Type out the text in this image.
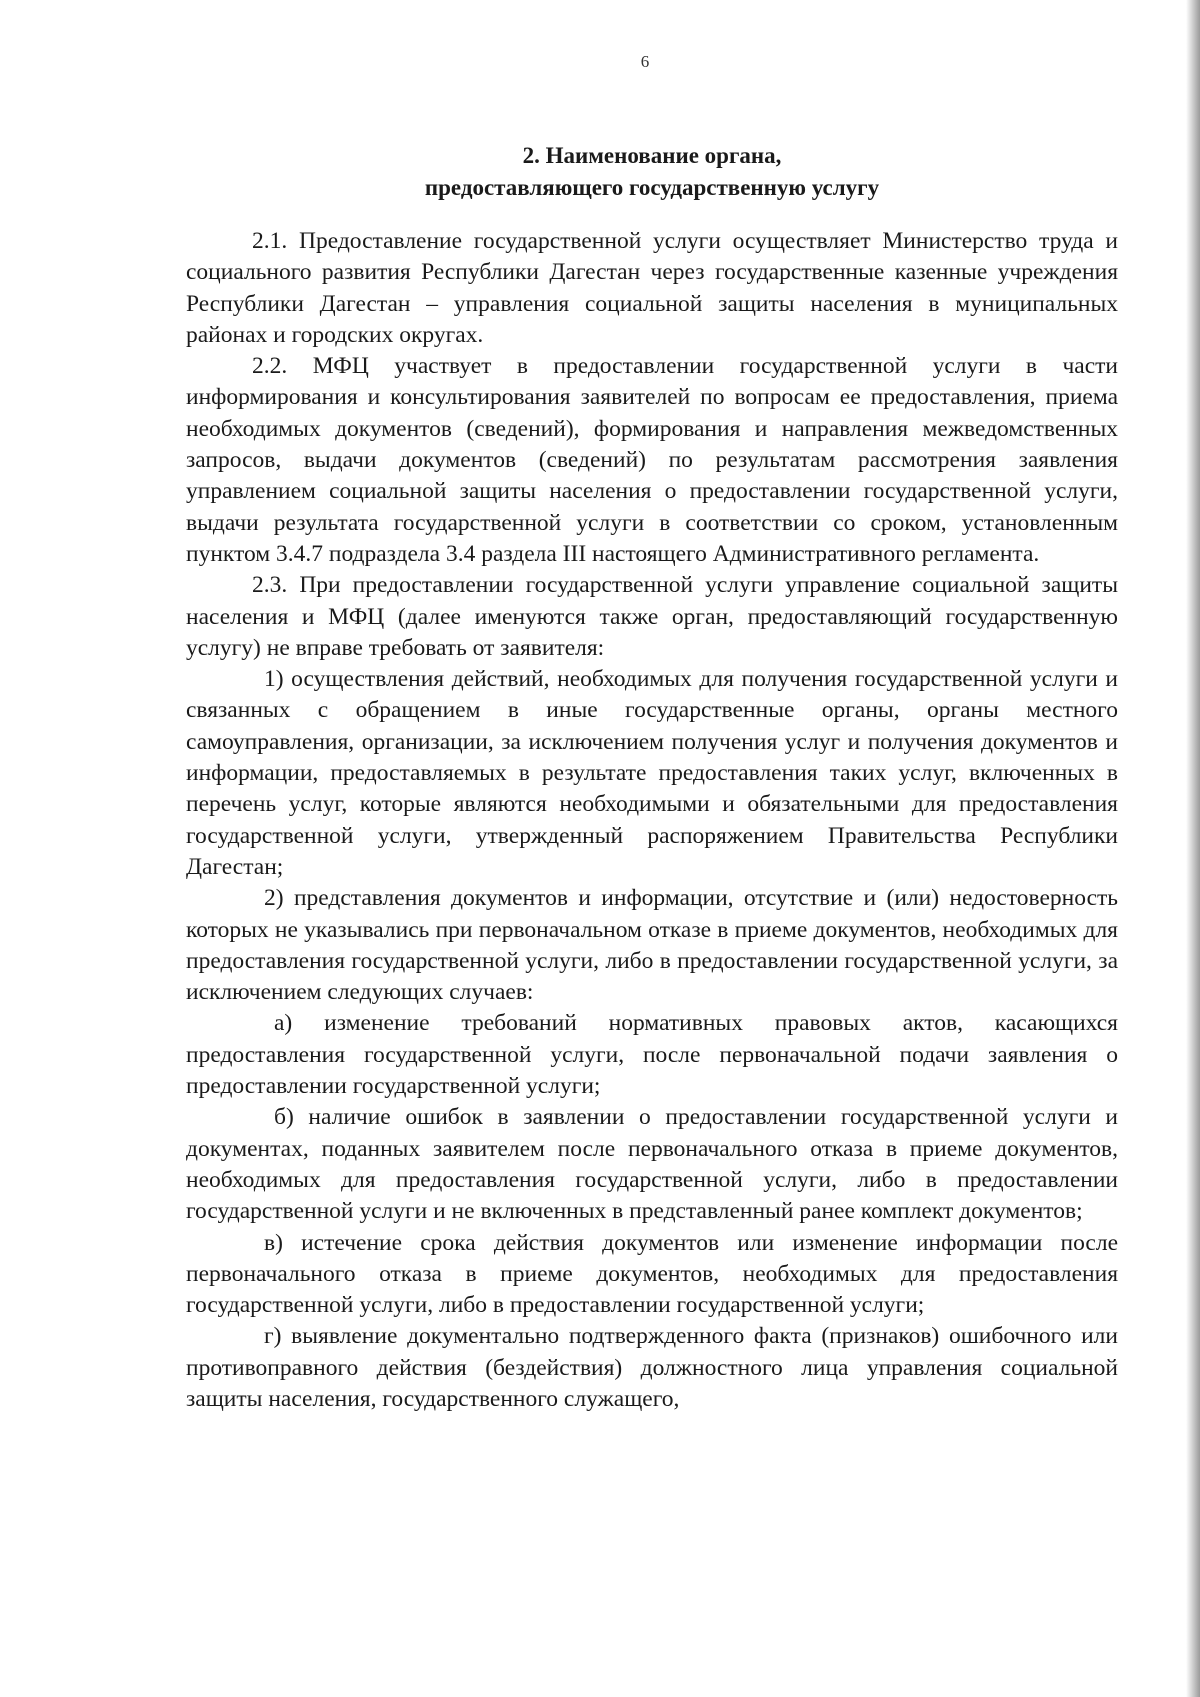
6
2. Наименование органа,
предоставляющего государственную услугу

2.1. Предоставление государственной услуги осуществляет Министерство труда и социального развития Республики Дагестан через государственные казенные учреждения Республики Дагестан – управления социальной защиты населения в муниципальных районах и городских округах.

2.2. МФЦ участвует в предоставлении государственной услуги в части информирования и консультирования заявителей по вопросам ее предоставления, приема необходимых документов (сведений), формирования и направления межведомственных запросов, выдачи документов (сведений) по результатам рассмотрения заявления управлением социальной защиты населения о предоставлении государственной услуги, выдачи результата государственной услуги в соответствии со сроком, установленным пунктом 3.4.7 подраздела 3.4 раздела III настоящего Административного регламента.

2.3. При предоставлении государственной услуги управление социальной защиты населения и МФЦ (далее именуются также орган, предоставляющий государственную услугу) не вправе требовать от заявителя:

1) осуществления действий, необходимых для получения государственной услуги и связанных с обращением в иные государственные органы, органы местного самоуправления, организации, за исключением получения услуг и получения документов и информации, предоставляемых в результате предоставления таких услуг, включенных в перечень услуг, которые являются необходимыми и обязательными для предоставления государственной услуги, утвержденный распоряжением Правительства Республики Дагестан;

2) представления документов и информации, отсутствие и (или) недостоверность которых не указывались при первоначальном отказе в приеме документов, необходимых для предоставления государственной услуги, либо в предоставлении государственной услуги, за исключением следующих случаев:

а) изменение требований нормативных правовых актов, касающихся предоставления государственной услуги, после первоначальной подачи заявления о предоставлении государственной услуги;

б) наличие ошибок в заявлении о предоставлении государственной услуги и документах, поданных заявителем после первоначального отказа в приеме документов, необходимых для предоставления государственной услуги, либо в предоставлении государственной услуги и не включенных в представленный ранее комплект документов;

в) истечение срока действия документов или изменение информации после первоначального отказа в приеме документов, необходимых для предоставления государственной услуги, либо в предоставлении государственной услуги;

г) выявление документально подтвержденного факта (признаков) ошибочного или противоправного действия (бездействия) должностного лица управления социальной защиты населения, государственного служащего,
